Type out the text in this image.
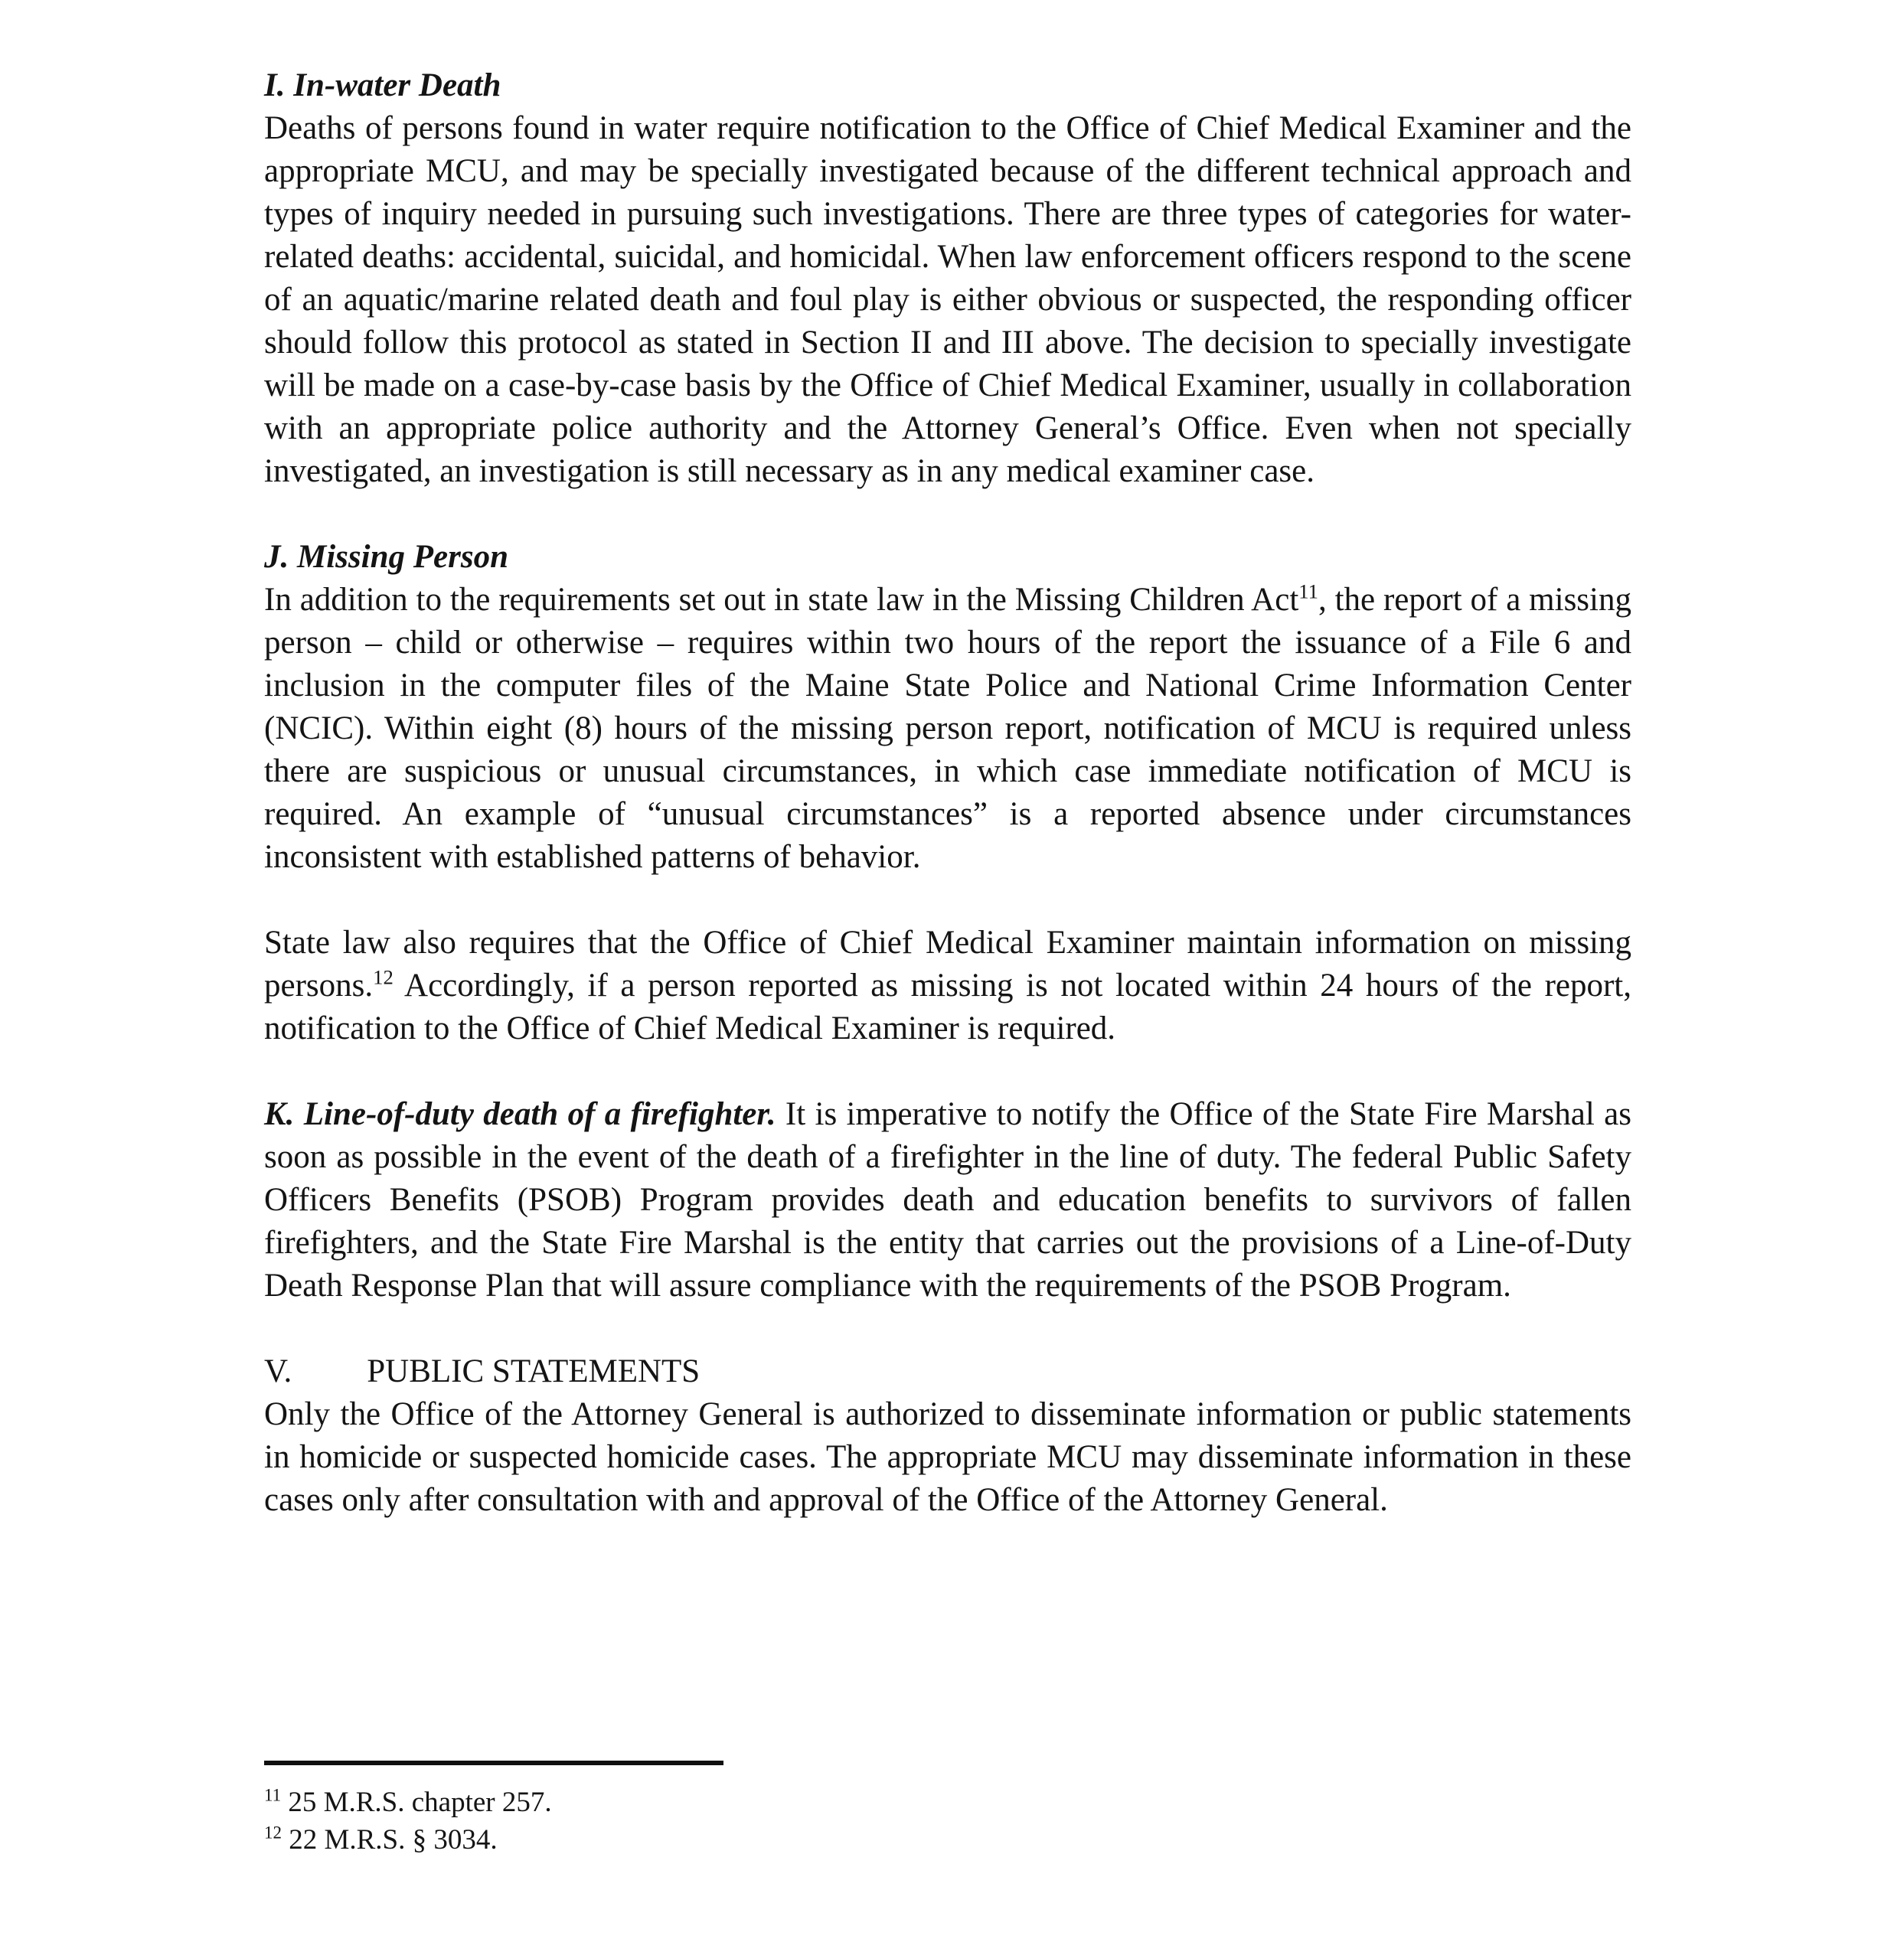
I. In-water Death

Deaths of persons found in water require notification to the Office of Chief Medical Examiner and the appropriate MCU, and may be specially investigated because of the different technical approach and types of inquiry needed in pursuing such investigations. There are three types of categories for water-related deaths: accidental, suicidal, and homicidal. When law enforcement officers respond to the scene of an aquatic/marine related death and foul play is either obvious or suspected, the responding officer should follow this protocol as stated in Section II and III above. The decision to specially investigate will be made on a case-by-case basis by the Office of Chief Medical Examiner, usually in collaboration with an appropriate police authority and the Attorney General’s Office. Even when not specially investigated, an investigation is still necessary as in any medical examiner case.

J. Missing Person

In addition to the requirements set out in state law in the Missing Children Act$^{11}$, the report of a missing person – child or otherwise – requires within two hours of the report the issuance of a File 6 and inclusion in the computer files of the Maine State Police and National Crime Information Center (NCIC). Within eight (8) hours of the missing person report, notification of MCU is required unless there are suspicious or unusual circumstances, in which case immediate notification of MCU is required. An example of “unusual circumstances” is a reported absence under circumstances inconsistent with established patterns of behavior.

State law also requires that the Office of Chief Medical Examiner maintain information on missing persons.$^{12}$ Accordingly, if a person reported as missing is not located within 24 hours of the report, notification to the Office of Chief Medical Examiner is required.

K. Line-of-duty death of a firefighter. It is imperative to notify the Office of the State Fire Marshal as soon as possible in the event of the death of a firefighter in the line of duty. The federal Public Safety Officers Benefits (PSOB) Program provides death and education benefits to survivors of fallen firefighters, and the State Fire Marshal is the entity that carries out the provisions of a Line-of-Duty Death Response Plan that will assure compliance with the requirements of the PSOB Program.

V. PUBLIC STATEMENTS

Only the Office of the Attorney General is authorized to disseminate information or public statements in homicide or suspected homicide cases. The appropriate MCU may disseminate information in these cases only after consultation with and approval of the Office of the Attorney General.

$^{11}$ 25 M.R.S. chapter 257.

$^{12}$ 22 M.R.S. § 3034.
